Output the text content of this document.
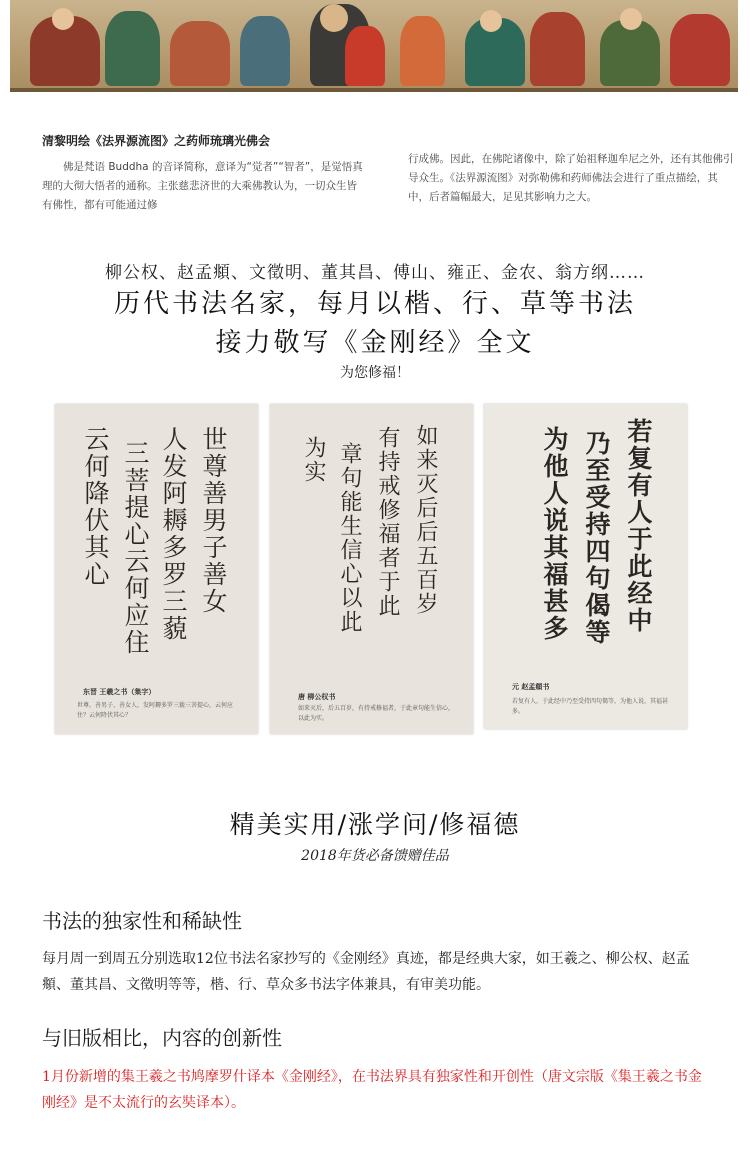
清黎明绘《法界源流图》之药师琉璃光佛会
佛是梵语 Buddha 的音译简称，意译为“觉者”“智者”，是觉悟真理的大彻大悟者的通称。主张慈悲济世的大乘佛教认为，一切众生皆有佛性，都有可能通过修
行成佛。因此，在佛陀诸像中，除了始祖释迦牟尼之外，还有其他佛引导众生。《法界源流图》对弥勒佛和药师佛法会进行了重点描绘，其中，后者篇幅最大，足见其影响力之大。
柳公权、赵孟頫、文徵明、董其昌、傅山、雍正、金农、翁方纲……
历代书法名家，每月以楷、行、草等书法
接力敬写《金刚经》全文
为您修福！
世尊善男子善女
人发阿耨多罗三藐
三菩提心云何应住
云何降伏其心
东晋 王羲之书（集字）
世尊，善男子、善女人，发阿耨多罗三藐三菩提心，云何应住？云何降伏其心？
如来灭后后五百岁
有持戒修福者于此
章句能生信心以此
为实
唐 柳公权书
如来灭后，后五百岁，有持戒修福者，于此章句能生信心，以此为实。
若复有人于此经中
乃至受持四句偈等
为他人说其福甚多
元 赵孟頫书
若复有人，于此经中乃至受持四句偈等，为他人说，其福甚多。
精美实用/涨学问/修福德
2018年货必备馈赠佳品
书法的独家性和稀缺性
每月周一到周五分别选取12位书法名家抄写的《金刚经》真迹，都是经典大家，如王羲之、柳公权、赵孟頫、董其昌、文徵明等等，楷、行、草众多书法字体兼具，有审美功能。
与旧版相比，内容的创新性
1月份新增的集王羲之书鸠摩罗什译本《金刚经》，在书法界具有独家性和开创性（唐文宗版《集王羲之书金刚经》是不太流行的玄奘译本）。
